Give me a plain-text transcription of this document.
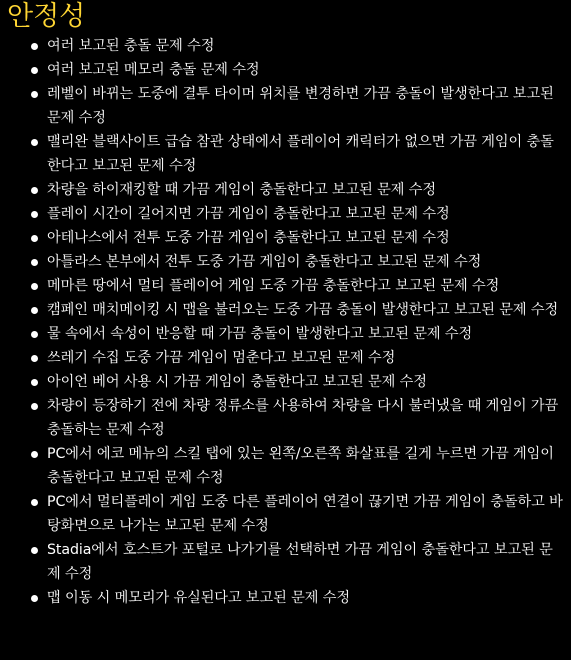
안정성
여러 보고된 충돌 문제 수정
여러 보고된 메모리 충돌 문제 수정
레벨이 바뀌는 도중에 결투 타이머 위치를 변경하면 가끔 충돌이 발생한다고 보고된 문제 수정
맬리완 블랙사이트 급습 참관 상태에서 플레이어 캐릭터가 없으면 가끔 게임이 충돌한다고 보고된 문제 수정
차량을 하이재킹할 때 가끔 게임이 충돌한다고 보고된 문제 수정
플레이 시간이 길어지면 가끔 게임이 충돌한다고 보고된 문제 수정
아테나스에서 전투 도중 가끔 게임이 충돌한다고 보고된 문제 수정
아틀라스 본부에서 전투 도중 가끔 게임이 충돌한다고 보고된 문제 수정
메마른 땅에서 멀티 플레이어 게임 도중 가끔 충돌한다고 보고된 문제 수정
캠페인 매치메이킹 시 맵을 불러오는 도중 가끔 충돌이 발생한다고 보고된 문제 수정
물 속에서 속성이 반응할 때 가끔 충돌이 발생한다고 보고된 문제 수정
쓰레기 수집 도중 가끔 게임이 멈춘다고 보고된 문제 수정
아이언 베어 사용 시 가끔 게임이 충돌한다고 보고된 문제 수정
차량이 등장하기 전에 차량 정류소를 사용하여 차량을 다시 불러냈을 때 게임이 가끔 충돌하는 문제 수정
PC에서 에코 메뉴의 스킬 탭에 있는 왼쪽/오른쪽 화살표를 길게 누르면 가끔 게임이 충돌한다고 보고된 문제 수정
PC에서 멀티플레이 게임 도중 다른 플레이어 연결이 끊기면 가끔 게임이 충돌하고 바탕화면으로 나가는 보고된 문제 수정
Stadia에서 호스트가 포털로 나가기를 선택하면 가끔 게임이 충돌한다고 보고된 문제 수정
맵 이동 시 메모리가 유실된다고 보고된 문제 수정
